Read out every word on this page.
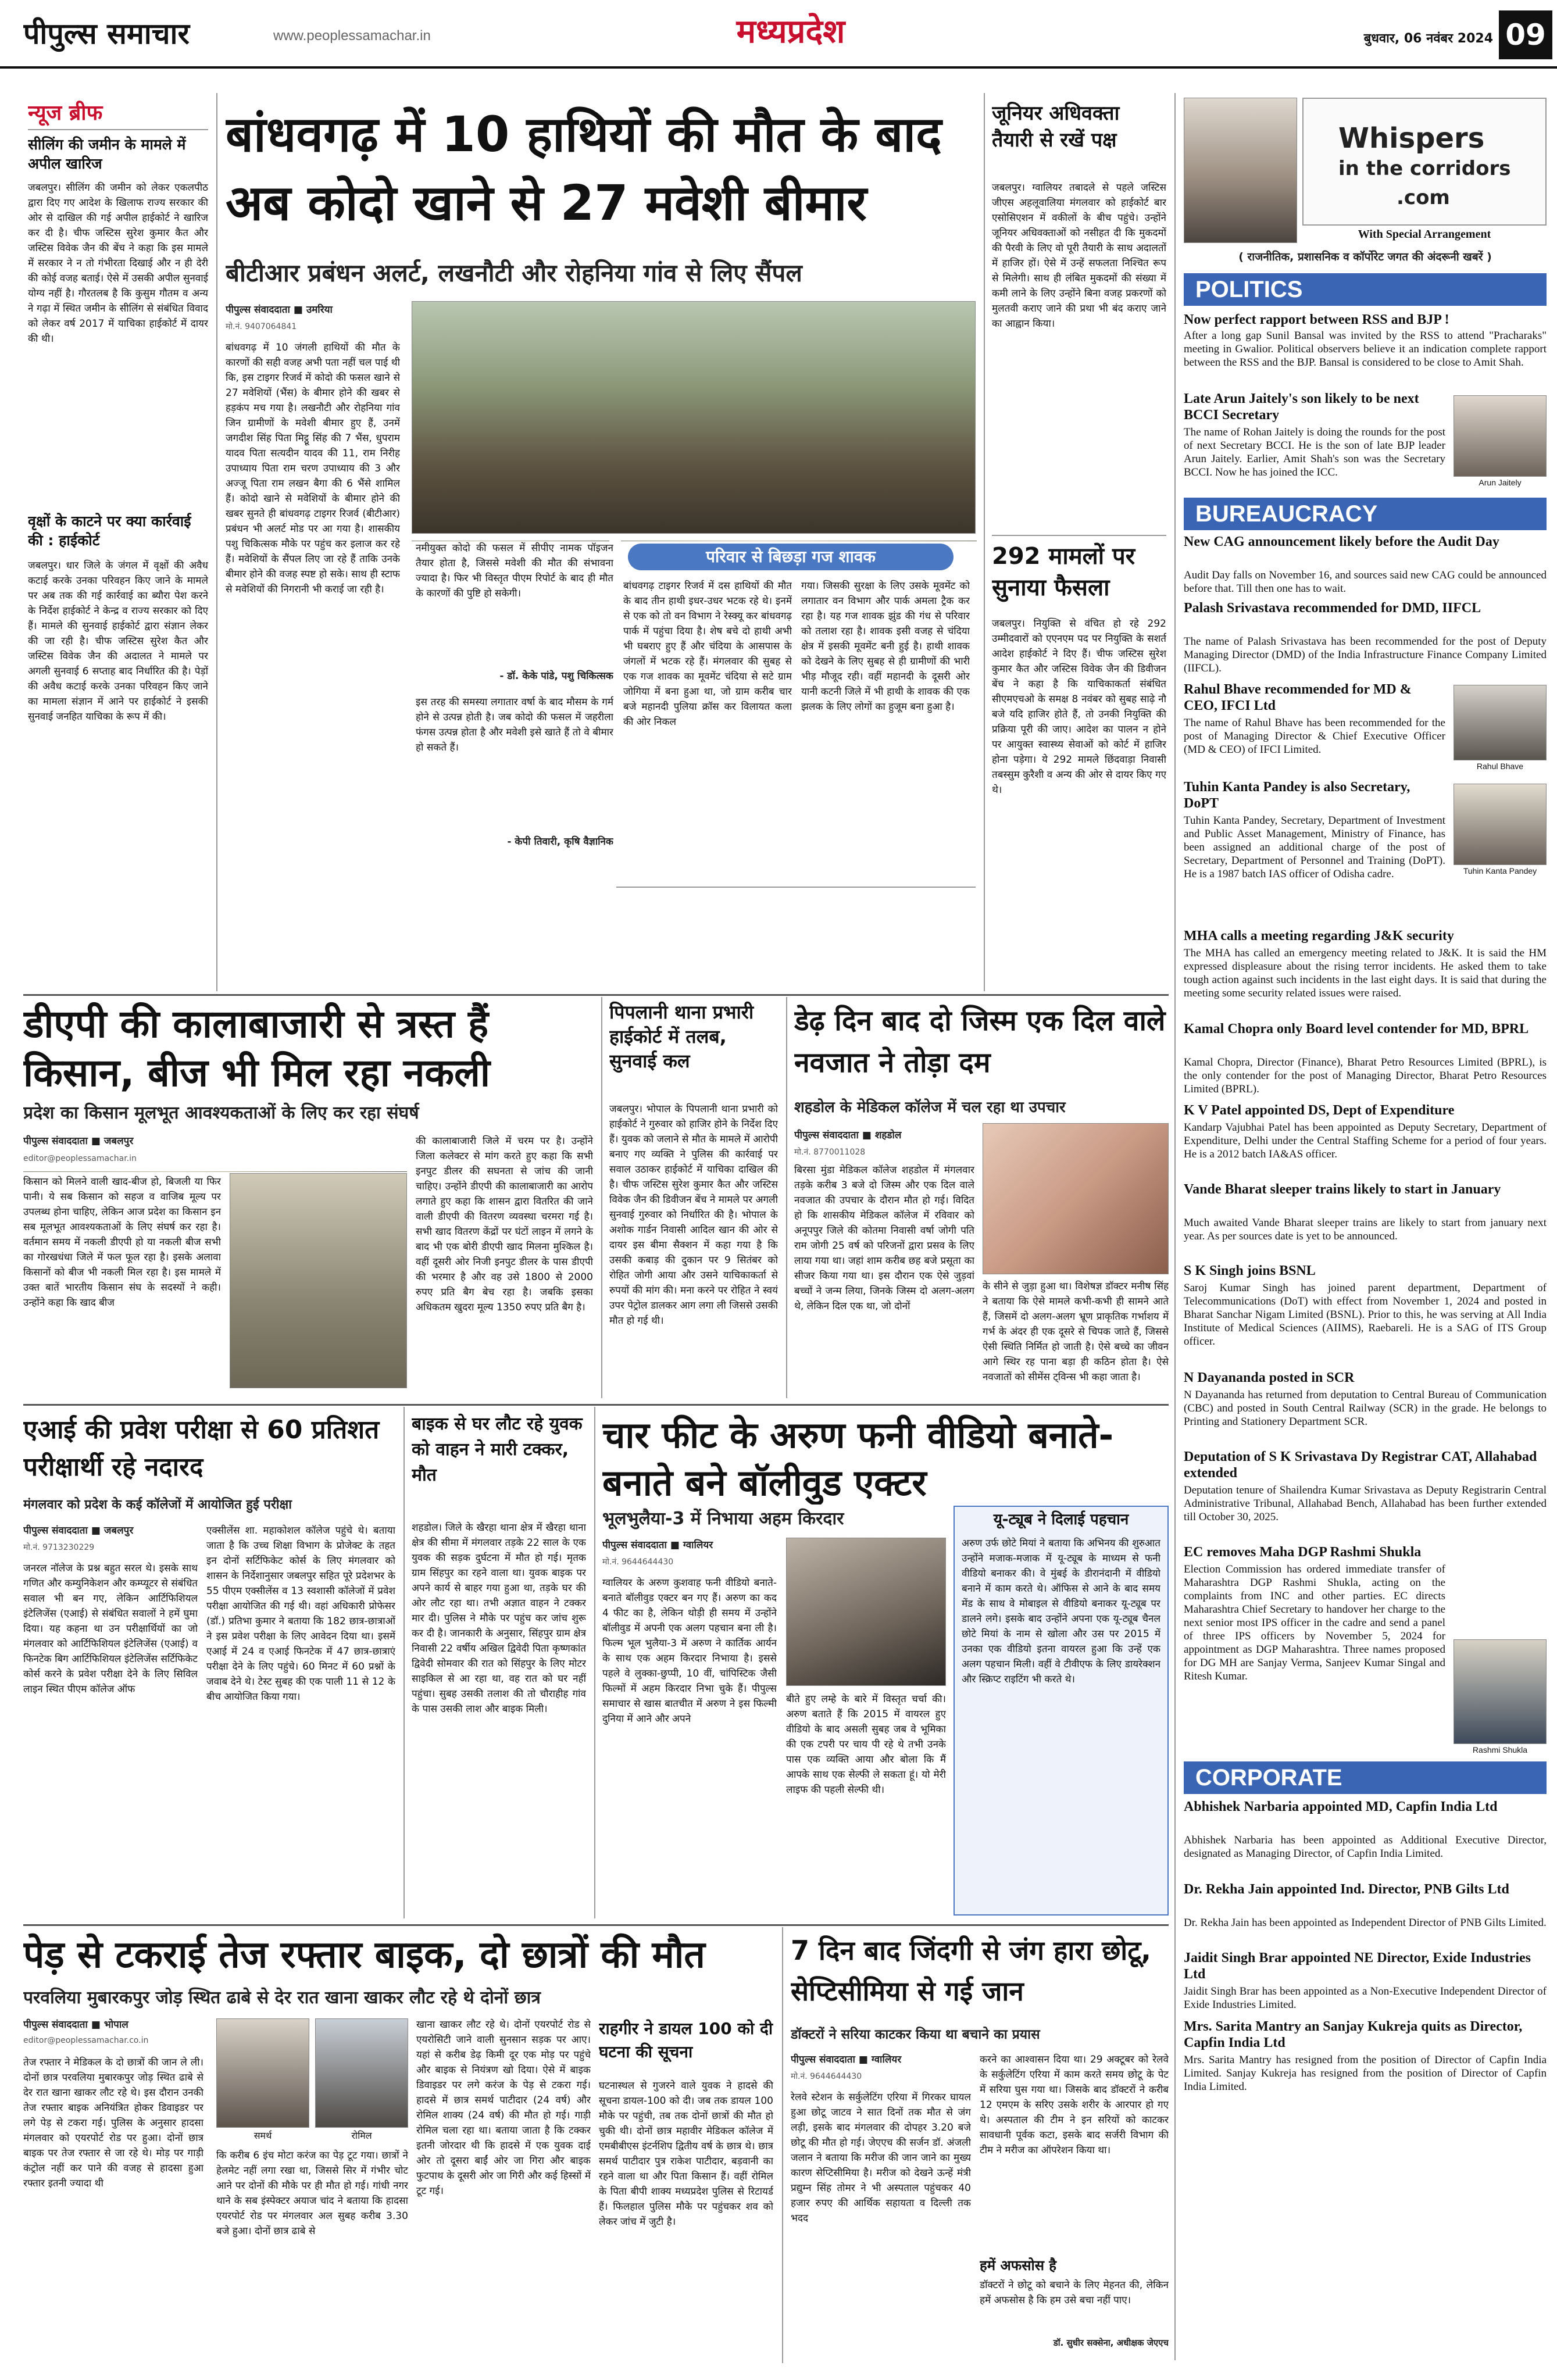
पीपुल्स समाचार	www.peoplessamachar.in	मध्यप्रदेश	बुधवार, 06 नवंबर 2024 09
न्यूज ब्रीफ
सीलिंग की जमीन के मामले में अपील खारिज
जबलपुर। सीलिंग की जमीन को लेकर एकलपीठ द्वारा दिए गए आदेश के खिलाफ राज्य सरकार की ओर से दाखिल की गई अपील हाईकोर्ट ने खारिज कर दी है। चीफ जस्टिस सुरेश कुमार कैत और जस्टिस विवेक जैन की बेंच ने कहा कि इस मामले में सरकार ने न तो गंभीरता दिखाई और न ही देरी की कोई वजह बताई। ऐसे में उसकी अपील सुनवाई योग्य नहीं है। गौरतलब है कि कुसुम गौतम व अन्य ने गढ़ा में स्थित जमीन के सीलिंग से संबंधित विवाद को लेकर वर्ष 2017 में याचिका हाईकोर्ट में दायर की थी।
वृक्षों के काटने पर क्या कार्रवाई की : हाईकोर्ट
जबलपुर। धार जिले के जंगल में वृक्षों की अवैध कटाई करके उनका परिवहन किए जाने के मामले पर अब तक की गई कार्रवाई का ब्यौरा पेश करने के निर्देश हाईकोर्ट ने केन्द्र व राज्य सरकार को दिए हैं। मामले की सुनवाई हाईकोर्ट द्वारा संज्ञान लेकर की जा रही है। चीफ जस्टिस सुरेश कैत और जस्टिस विवेक जैन की अदालत ने मामले पर अगली सुनवाई 6 सप्ताह बाद निर्धारित की है। पेड़ों की अवैध कटाई करके उनका परिवहन किए जाने का मामला संज्ञान में आने पर हाईकोर्ट ने इसकी सुनवाई जनहित याचिका के रूप में की।
बांधवगढ़ में 10 हाथियों की मौत के बाद अब कोदो खाने से 27 मवेशी बीमार
बीटीआर प्रबंधन अलर्ट, लखनौटी और रोहनिया गांव से लिए सैंपल
पीपुल्स संवाददाता ■ उमरिया
मो.नं. 9407064841
बांधवगढ़ में 10 जंगली हाथियों की मौत के कारणों की सही वजह अभी पता नहीं चल पाई थी कि, इस टाइगर रिजर्व में कोदो की फसल खाने से 27 मवेशियों (भैंस) के बीमार होने की खबर से हड़कंप मच गया है। लखनौटी और रोहनिया गांव जिन ग्रामीणों के मवेशी बीमार हुए हैं, उनमें जगदीश सिंह पिता मिट्ठू सिंह की 7 भैंस, धुपराम यादव पिता सत्यदीन यादव की 11, राम निरीह उपाध्याय पिता राम चरण उपाध्याय की 3 और अज्जू पिता राम लखन बैगा की 6 भैंसे शामिल हैं। कोदो खाने से मवेशियों के बीमार होने की खबर सुनते ही बांधवगढ़ टाइगर रिजर्व (बीटीआर) प्रबंधन भी अलर्ट मोड पर आ गया है। शासकीय पशु चिकित्सक मौके पर पहुंच कर इलाज कर रहे हैं। मवेशियों के सैंपल लिए जा रहे हैं ताकि उनके बीमार होने की वजह स्पष्ट हो सके। साथ ही स्टाफ से मवेशियों की निगरानी भी कराई जा रही है।
नमीयुक्त कोदो की फसल में सीपीए नामक पॉइजन तैयार होता है, जिससे मवेशी की मौत की संभावना ज्यादा है। फिर भी विस्तृत पीएम रिपोर्ट के बाद ही मौत के कारणों की पुष्टि हो सकेगी।
- डॉ. केके पांडे, पशु चिकित्सक
इस तरह की समस्या लगातार वर्षा के बाद मौसम के गर्म होने से उत्पन्न होती है। जब कोदो की फसल में जहरीला फंगस उत्पन्न होता है और मवेशी इसे खाते हैं तो वे बीमार हो सकते हैं।
- केपी तिवारी, कृषि वैज्ञानिक
परिवार से बिछड़ा गज शावक
बांधवगढ़ टाइगर रिजर्व में दस हाथियों की मौत के बाद तीन हाथी इधर-उधर भटक रहे थे। इनमें से एक को तो वन विभाग ने रेस्क्यू कर बांधवगढ़ पार्क में पहुंचा दिया है। शेष बचे दो हाथी अभी भी घबराए हुए हैं और चंदिया के आसपास के जंगलों में भटक रहे हैं। मंगलवार की सुबह से एक गज शावक का मूवमेंट चंदिया से सटे ग्राम जोगिया में बना हुआ था, जो ग्राम करीब चार बजे महानदी पुलिया क्रॉस कर विलायत कला की ओर निकल
गया। जिसकी सुरक्षा के लिए उसके मूवमेंट को लगातार वन विभाग और पार्क अमला ट्रैक कर रहा है। यह गज शावक झुंड की गंध से परिवार को तलाश रहा है। शावक इसी वजह से चंदिया क्षेत्र में इसकी मूवमेंट बनी हुई है। हाथी शावक को देखने के लिए सुबह से ही ग्रामीणों की भारी भीड़ मौजूद रही। वहीं महानदी के दूसरी ओर यानी कटनी जिले में भी हाथी के शावक की एक झलक के लिए लोगों का हुजूम बना हुआ है।
जूनियर अधिवक्ता तैयारी से रखें पक्ष
जबलपुर। ग्वालियर तबादले से पहले जस्टिस जीएस अहलूवालिया मंगलवार को हाईकोर्ट बार एसोसिएशन में वकीलों के बीच पहुंचे। उन्होंने जूनियर अधिवक्ताओं को नसीहत दी कि मुकदमों की पैरवी के लिए वो पूरी तैयारी के साथ अदालतों में हाजिर हों। ऐसे में उन्हें सफलता निश्चित रूप से मिलेगी। साथ ही लंबित मुकदमों की संख्या में कमी लाने के लिए उन्होंने बिना वजह प्रकरणों को मुलतवी कराए जाने की प्रथा भी बंद कराए जाने का आह्वान किया।
292 मामलों पर सुनाया फैसला
जबलपुर। नियुक्ति से वंचित हो रहे 292 उम्मीदवारों को एएनएम पद पर नियुक्ति के सशर्त आदेश हाईकोर्ट ने दिए हैं। चीफ जस्टिस सुरेश कुमार कैत और जस्टिस विवेक जैन की डिवीजन बेंच ने कहा है कि याचिकाकर्ता संबंधित सीएमएचओ के समक्ष 8 नवंबर को सुबह साढ़े नौ बजे यदि हाजिर होते हैं, तो उनकी नियुक्ति की प्रक्रिया पूरी की जाए। आदेश का पालन न होने पर आयुक्त स्वास्थ्य सेवाओं को कोर्ट में हाजिर होना पड़ेगा। ये 292 मामले छिंदवाड़ा निवासी तबस्सुम कुरैशी व अन्य की ओर से दायर किए गए थे।
डीएपी की कालाबाजारी से त्रस्त हैं किसान, बीज भी मिल रहा नकली
प्रदेश का किसान मूलभूत आवश्यकताओं के लिए कर रहा संघर्ष
पीपुल्स संवाददाता ■ जबलपुर
editor@peoplessamachar.in
किसान को मिलने वाली खाद-बीज हो, बिजली या फिर पानी। ये सब किसान को सहज व वाजिब मूल्य पर उपलब्ध होना चाहिए, लेकिन आज प्रदेश का किसान इन सब मूलभूत आवश्यकताओं के लिए संघर्ष कर रहा है। वर्तमान समय में नकली डीएपी हो या नकली बीज सभी का गोरखधंधा जिले में फल फूल रहा है। इसके अलावा किसानों को बीज भी नकली मिल रहा है। इस मामले में उक्त बातें भारतीय किसान संघ के सदस्यों ने कही। उन्होंने कहा कि खाद बीज
की कालाबाजारी जिले में चरम पर है। उन्होंने जिला कलेक्टर से मांग करते हुए कहा कि सभी इनपुट डीलर की सघनता से जांच की जानी चाहिए। उन्होंने डीएपी की कालाबाजारी का आरोप लगाते हुए कहा कि शासन द्वारा वितरित की जाने वाली डीएपी की वितरण व्यवस्था चरमरा गई है। सभी खाद वितरण केंद्रों पर घंटों लाइन में लगने के बाद भी एक बोरी डीएपी खाद मिलना मुश्किल है। वहीं दूसरी ओर निजी इनपुट डीलर के पास डीएपी की भरमार है और वह उसे 1800 से 2000 रुपए प्रति बैग बेच रहा है। जबकि इसका अधिकतम खुदरा मूल्य 1350 रुपए प्रति बैग है।
पिपलानी थाना प्रभारी हाईकोर्ट में तलब, सुनवाई कल
जबलपुर। भोपाल के पिपलानी थाना प्रभारी को हाईकोर्ट ने गुरुवार को हाजिर होने के निर्देश दिए हैं। युवक को जलाने से मौत के मामले में आरोपी बनाए गए व्यक्ति ने पुलिस की कार्रवाई पर सवाल उठाकर हाईकोर्ट में याचिका दाखिल की है। चीफ जस्टिस सुरेश कुमार कैत और जस्टिस विवेक जैन की डिवीजन बेंच ने मामले पर अगली सुनवाई गुरुवार को निर्धारित की है। भोपाल के अशोक गार्डन निवासी आदिल खान की ओर से दायर इस बीमा सैक्शन में कहा गया है कि उसकी कबाड़ की दुकान पर 9 सितंबर को रोहित जोगी आया और उसने याचिकाकर्ता से रुपयों की मांग की। मना करने पर रोहित ने स्वयं उपर पेट्रोल डालकर आग लगा ली जिससे उसकी मौत हो गई थी।
डेढ़ दिन बाद दो जिस्म एक दिल वाले नवजात ने तोड़ा दम
शहडोल के मेडिकल कॉलेज में चल रहा था उपचार
पीपुल्स संवाददाता ■ शहडोल
मो.नं. 8770011028
बिरसा मुंडा मेडिकल कॉलेज शहडोल में मंगलवार तड़के करीब 3 बजे दो जिस्म और एक दिल वाले नवजात की उपचार के दौरान मौत हो गई। विदित हो कि शासकीय मेडिकल कॉलेज में रविवार को अनूपपुर जिले की कोतमा निवासी वर्षा जोगी पति राम जोगी 25 वर्ष को परिजनों द्वारा प्रसव के लिए लाया गया था। जहां शाम करीब छह बजे प्रसूता का सीजर किया गया था। इस दौरान एक ऐसे जुड़वां बच्चों ने जन्म लिया, जिनके जिस्म दो अलग-अलग थे, लेकिन दिल एक था, जो दोनों
के सीने से जुड़ा हुआ था। विशेषज्ञ डॉक्टर मनीष सिंह ने बताया कि ऐसे मामले कभी-कभी ही सामने आते हैं, जिसमें दो अलग-अलग भ्रूण प्राकृतिक गर्भाशय में गर्भ के अंदर ही एक दूसरे से चिपक जाते हैं, जिससे ऐसी स्थिति निर्मित हो जाती है। ऐसे बच्चे का जीवन आगे स्थिर रह पाना बड़ा ही कठिन होता है। ऐसे नवजातों को सीमेंस ट्विन्स भी कहा जाता है।
एआई की प्रवेश परीक्षा से 60 प्रतिशत परीक्षार्थी रहे नदारद
मंगलवार को प्रदेश के कई कॉलेजों में आयोजित हुई परीक्षा
पीपुल्स संवाददाता ■ जबलपुर
मो.नं. 9713230229
जनरल नॉलेज के प्रश्न बहुत सरल थे। इसके साथ गणित और कम्युनिकेशन और कम्प्यूटर से संबंधित सवाल भी बन गए, लेकिन आर्टिफिशियल इंटेलिजेंस (एआई) से संबंधित सवालों ने हमें घुमा दिया। यह कहना था उन परीक्षार्थियों का जो मंगलवार को आर्टिफिशियल इंटेलिजेंस (एआई) व फिनटेक बिग आर्टिफिशियल इंटेलिजेंस सर्टिफिकेट कोर्स करने के प्रवेश परीक्षा देने के लिए सिविल लाइन स्थित पीएम कॉलेज ऑफ
एक्सीलेंस शा. महाकोशल कॉलेज पहुंचे थे। बताया जाता है कि उच्च शिक्षा विभाग के प्रोजेक्ट के तहत इन दोनों सर्टिफिकेट कोर्स के लिए मंगलवार को शासन के निर्देशानुसार जबलपुर सहित पूरे प्रदेशभर के 55 पीएम एक्सीलेंस व 13 स्वशासी कॉलेजों में प्रवेश परीक्षा आयोजित की गई थी। वहां अधिकारी प्रोफेसर (डॉ.) प्रतिभा कुमार ने बताया कि 182 छात्र-छात्राओं ने इस प्रवेश परीक्षा के लिए आवेदन दिया था। इसमें एआई में 24 व एआई फिनटेक में 47 छात्र-छात्राएं परीक्षा देने के लिए पहुंचे। 60 मिनट में 60 प्रश्नों के जवाब देने थे। टेस्ट सुबह की एक पाली 11 से 12 के बीच आयोजित किया गया।
बाइक से घर लौट रहे युवक को वाहन ने मारी टक्कर, मौत
शहडोल। जिले के खैरहा थाना क्षेत्र में खैरहा थाना क्षेत्र की सीमा में मंगलवार तड़के 22 साल के एक युवक की सड़क दुर्घटना में मौत हो गई। मृतक ग्राम सिंहपुर का रहने वाला था। युवक बाइक पर अपने कार्य से बाहर गया हुआ था, तड़के घर की ओर लौट रहा था। तभी अज्ञात वाहन ने टक्कर मार दी। पुलिस ने मौके पर पहुंच कर जांच शुरू कर दी है। जानकारी के अनुसार, सिंहपुर ग्राम क्षेत्र निवासी 22 वर्षीय अखिल द्विवेदी पिता कृष्णकांत द्विवेदी सोमवार की रात को सिंहपुर के लिए मोटर साइकिल से आ रहा था, वह रात को घर नहीं पहुंचा। सुबह उसकी तलाश की तो चौराहीह गांव के पास उसकी लाश और बाइक मिली।
चार फीट के अरुण फनी वीडियो बनाते-बनाते बने बॉलीवुड एक्टर
भूलभुलैया-3 में निभाया अहम किरदार
पीपुल्स संवाददाता ■ ग्वालियर
मो.नं. 9644644430
ग्वालियर के अरुण कुशवाह फनी वीडियो बनाते-बनाते बॉलीवुड एक्टर बन गए हैं। अरुण का कद 4 फीट का है, लेकिन थोड़ी ही समय में उन्होंने बॉलीवुड में अपनी एक अलग पहचान बना ली है। फिल्म भूल भुलैया-3 में अरुण ने कार्तिक आर्यन के साथ एक अहम किरदार निभाया है। इससे पहले वे लुक्का-छुप्पी, 10 वीं, चांपिस्टिक जैसी फिल्मों में अहम किरदार निभा चुके हैं। पीपुल्स समाचार से खास बातचीत में अरुण ने इस फिल्मी दुनिया में आने और अपने
बीते हुए लम्हे के बारे में विस्तृत चर्चा की। अरुण बताते हैं कि 2015 में वायरल हुए वीडियो के बाद असली सुबह जब वे भूमिका की एक टपरी पर चाय पी रहे थे तभी उनके पास एक व्यक्ति आया और बोला कि मैं आपके साथ एक सेल्फी ले सकता हूं। यो मेरी लाइफ की पहली सेल्फी थी।
यू-ट्यूब ने दिलाई पहचान
अरुण उर्फ छोटे मियां ने बताया कि अभिनय की शुरुआत उन्होंने मजाक-मजाक में यू-ट्यूब के माध्यम से फनी वीडियो बनाकर की। वे मुंबई के डीरानंदानी में वीडियो बनाने में काम करते थे। ऑफिस से आने के बाद समय मेंड के साथ वे मोबाइल से वीडियो बनाकर यू-ट्यूब पर डालने लगे। इसके बाद उन्होंने अपना एक यू-ट्यूब चैनल छोटे मियां के नाम से खोला और उस पर 2015 में उनका एक वीडियो इतना वायरल हुआ कि उन्हें एक अलग पहचान मिली। वहीं वे टीवीएफ के लिए डायरेक्शन और स्क्रिप्ट राइटिंग भी करते थे।
पेड़ से टकराई तेज रफ्तार बाइक, दो छात्रों की मौत
परवलिया मुबारकपुर जोड़ स्थित ढाबे से देर रात खाना खाकर लौट रहे थे दोनों छात्र
पीपुल्स संवाददाता ■ भोपाल
editor@peoplessamachar.co.in
तेज रफ्तार ने मेडिकल के दो छात्रों की जान ले ली। दोनों छात्र परवलिया मुबारकपुर जोड़ स्थित ढाबे से देर रात खाना खाकर लौट रहे थे। इस दौरान उनकी तेज रफ्तार बाइक अनियंत्रित होकर डिवाइडर पर लगे पेड़ से टकरा गई। पुलिस के अनुसार हादसा मंगलवार को एयरपोर्ट रोड पर हुआ। दोनों छात्र बाइक पर तेज रफ्तार से जा रहे थे। मोड़ पर गाड़ी कंट्रोल नहीं कर पाने की वजह से हादसा हुआ रफ्तार इतनी ज्यादा थी
समर्थ	रोमिल
कि करीब 6 इंच मोटा करंज का पेड़ टूट गया। छात्रों ने हेलमेट नहीं लगा रखा था, जिससे सिर में गंभीर चोट आने पर दोनों की मौके पर ही मौत हो गई। गांधी नगर थाने के सब इंस्पेक्टर अयाज चांद ने बताया कि हादसा एयरपोर्ट रोड पर मंगलवार अल सुबह करीब 3.30 बजे हुआ। दोनों छात्र ढाबे से
खाना खाकर लौट रहे थे। दोनों एयरपोर्ट रोड से एयरोसिटी जाने वाली सुनसान सड़क पर आए। यहां से करीब डेढ़ किमी दूर एक मोड़ पर पहुंचे और बाइक से नियंत्रण खो दिया। ऐसे में बाइक डिवाइडर पर लगे करंज के पेड़ से टकरा गई। हादसे में छात्र समर्थ पाटीदार (24 वर्ष) और रोमिल शाक्य (24 वर्ष) की मौत हो गई। गाड़ी रोमिल चला रहा था। बताया जाता है कि टक्कर इतनी जोरदार थी कि हादसे में एक युवक दाई ओर तो दूसरा बाईं ओर जा गिरा और बाइक फुटपाथ के दूसरी ओर जा गिरी और कई हिस्सों में टूट गई।
राहगीर ने डायल 100 को दी घटना की सूचना
घटनास्थल से गुजरने वाले युवक ने हादसे की सूचना डायल-100 को दी। जब तक डायल 100 मौके पर पहुंची, तब तक दोनों छात्रों की मौत हो चुकी थी। दोनों छात्र महावीर मेडिकल कॉलेज में एमबीबीएस इंटर्नशिप द्वितीय वर्ष के छात्र थे। छात्र समर्थ पाटीदार पुत्र राकेश पाटीदार, बड़वानी का रहने वाला था और पिता किसान हैं। वहीं रोमिल के पिता बीपी शाक्य मध्यप्रदेश पुलिस से रिटायर्ड हैं। फिलहाल पुलिस मौके पर पहुंचकर शव को लेकर जांच में जुटी है।
7 दिन बाद जिंदगी से जंग हारा छोटू, सेप्टिसीमिया से गई जान
डॉक्टरों ने सरिया काटकर किया था बचाने का प्रयास
पीपुल्स संवाददाता ■ ग्वालियर
मो.नं. 9644644430
रेलवे स्टेशन के सर्कुलेटिंग एरिया में गिरकर घायल हुआ छोटू जाटव ने सात दिनों तक मौत से जंग लड़ी, इसके बाद मंगलवार की दोपहर 3.20 बजे छोटू की मौत हो गई। जेएएच की सर्जन डॉ. अंजली जलान ने बताया कि मरीज की जान जाने का मुख्य कारण सेप्टिसीमिया है। मरीज को देखने ऊन्हें मंत्री प्रद्युम्न सिंह तोमर ने भी अस्पताल पहुंचकर 40 हजार रुपए की आर्थिक सहायता व दिल्ली तक भदद
करने का आश्वासन दिया था। 29 अक्टूबर को रेलवे के सर्कुलेटिंग एरिया में काम करते समय छोटू के पेट में सरिया घुस गया था। जिसके बाद डॉक्टरों ने करीब 12 एमएम के सरिए उसके शरीर के आरपार हो गए थे। अस्पताल की टीम ने इन सरियों को काटकर सावधानी पूर्वक कटा, इसके बाद सर्जरी विभाग की टीम ने मरीज का ऑपरेशन किया था।
हमें अफसोस है
डॉक्टरों ने छोटू को बचाने के लिए मेहनत की, लेकिन हमें अफसोस है कि हम उसे बचा नहीं पाए।
डॉ. सुधीर सक्सेना, अधीक्षक जेएएच
Whispers
in the corridors
.com
With Special Arrangement
( राजनीतिक, प्रशासनिक व कॉर्पोरेट जगत की अंदरूनी खबरें )
POLITICS
Now perfect rapport between RSS and BJP !
After a long gap Sunil Bansal was invited by the RSS to attend "Pracharaks" meeting in Gwalior. Political observers believe it an indication complete rapport between the RSS and the BJP. Bansal is considered to be close to Amit Shah.
Late Arun Jaitely's son likely to be next BCCI Secretary
The name of Rohan Jaitely is doing the rounds for the post of next Secretary BCCI. He is the son of late BJP leader Arun Jaitely. Earlier, Amit Shah's son was the Secretary BCCI. Now he has joined the ICC.
Arun Jaitely
BUREAUCRACY
New CAG announcement likely before the Audit Day
Audit Day falls on November 16, and sources said new CAG could be announced before that. Till then one has to wait.
Palash Srivastava recommended for DMD, IIFCL
The name of Palash Srivastava has been recommended for the post of Deputy Managing Director (DMD) of the India Infrastructure Finance Company Limited (IIFCL).
Rahul Bhave recommended for MD & CEO, IFCI Ltd
The name of Rahul Bhave has been recommended for the post of Managing Director & Chief Executive Officer (MD & CEO) of IFCI Limited.
Rahul Bhave
Tuhin Kanta Pandey is also Secretary, DoPT
Tuhin Kanta Pandey, Secretary, Department of Investment and Public Asset Management, Ministry of Finance, has been assigned an additional charge of the post of Secretary, Department of Personnel and Training (DoPT). He is a 1987 batch IAS officer of Odisha cadre.	Tuhin Kanta Pandey
MHA calls a meeting regarding J&K security
The MHA has called an emergency meeting related to J&K. It is said the HM expressed displeasure about the rising terror incidents. He asked them to take tough action against such incidents in the last eight days. It is said that during the meeting some security related issues were raised.
Kamal Chopra only Board level contender for MD, BPRL
Kamal Chopra, Director (Finance), Bharat Petro Resources Limited (BPRL), is the only contender for the post of Managing Director, Bharat Petro Resources Limited (BPRL).
K V Patel appointed DS, Dept of Expenditure
Kandarp Vajubhai Patel has been appointed as Deputy Secretary, Department of Expenditure, Delhi under the Central Staffing Scheme for a period of four years. He is a 2012 batch IA&AS officer.
Vande Bharat sleeper trains likely to start in January
Much awaited Vande Bharat sleeper trains are likely to start from january next year. As per sources date is yet to be announced.
S K Singh joins BSNL
Saroj Kumar Singh has joined parent department, Department of Telecommunications (DoT) with effect from November 1, 2024 and posted in Bharat Sanchar Nigam Limited (BSNL). Prior to this, he was serving at All India Institute of Medical Sciences (AIIMS), Raebareli. He is a SAG of ITS Group officer.
N Dayananda posted in SCR
N Dayananda has returned from deputation to Central Bureau of Communication (CBC) and posted in South Central Railway (SCR) in the grade. He belongs to Printing and Stationery Department SCR.
Deputation of S K Srivastava Dy Registrar CAT, Allahabad extended
Deputation tenure of Shailendra Kumar Srivastava as Deputy Registrarin Central Administrative Tribunal, Allahabad Bench, Allahabad has been further extended till October 30, 2025.
EC removes Maha DGP Rashmi Shukla
Election Commission has ordered immediate transfer of Maharashtra DGP Rashmi Shukla, acting on the complaints from INC and other parties. EC directs Maharashtra Chief Secretary to handover her charge to the next senior most IPS officer in the cadre and send a panel of three IPS officers by November 5, 2024 for appointment as DGP Maharashtra. Three names proposed for DG MH are Sanjay Verma, Sanjeev Kumar Singal and Ritesh Kumar.
Rashmi Shukla
CORPORATE
Abhishek Narbaria appointed MD, Capfin India Ltd
Abhishek Narbaria has been appointed as Additional Executive Director, designated as Managing Director, of Capfin India Limited.
Dr. Rekha Jain appointed Ind. Director, PNB Gilts Ltd
Dr. Rekha Jain has been appointed as Independent Director of PNB Gilts Limited.
Jaidit Singh Brar appointed NE Director, Exide Industries Ltd
Jaidit Singh Brar has been appointed as a Non-Executive Independent Director of Exide Industries Limited.
Mrs. Sarita Mantry an Sanjay Kukreja quits as Director, Capfin India Ltd
Mrs. Sarita Mantry has resigned from the position of Director of Capfin India Limited. Sanjay Kukreja has resigned from the position of Director of Capfin India Limited.
